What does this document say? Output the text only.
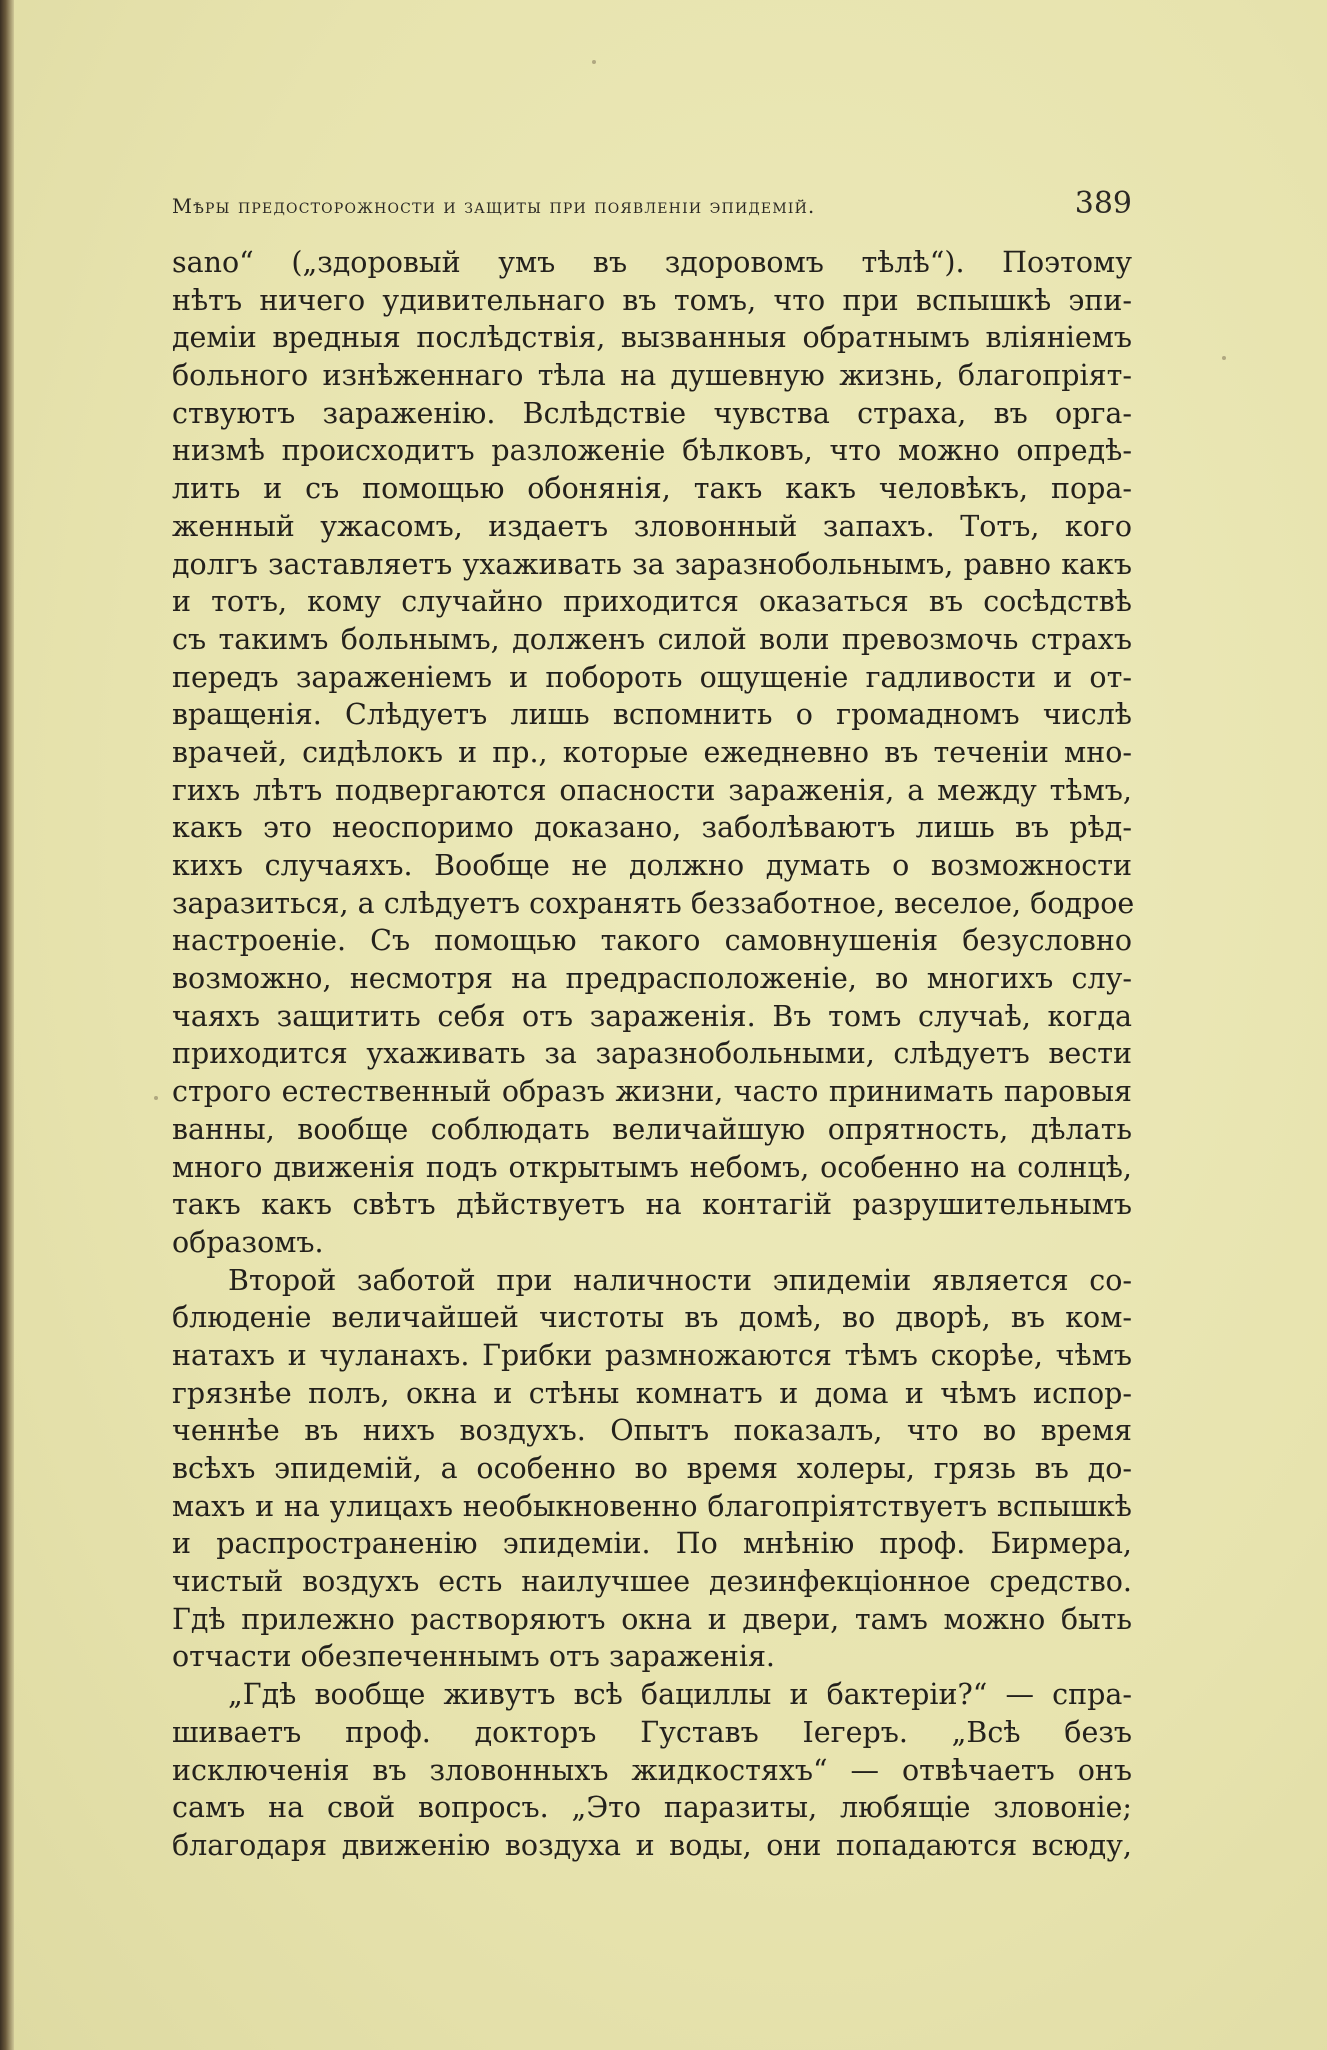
Мѣры предосторожности и защиты при появленіи эпидемій.	389
sano“ („здоровый умъ въ здоровомъ тѣлѣ“). Поэтому
нѣтъ ничего удивительнаго въ томъ, что при вспышкѣ эпи-
деміи вредныя послѣдствія, вызванныя обратнымъ вліяніемъ
больного изнѣженнаго тѣла на душевную жизнь, благопріят-
ствуютъ зараженію. Вслѣдствіе чувства страха, въ орга-
низмѣ происходитъ разложеніе бѣлковъ, что можно опредѣ-
лить и съ помощью обонянія, такъ какъ человѣкъ, пора-
женный ужасомъ, издаетъ зловонный запахъ. Тотъ, кого
долгъ заставляетъ ухаживать за заразнобольнымъ, равно какъ
и тотъ, кому случайно приходится оказаться въ сосѣдствѣ
съ такимъ больнымъ, долженъ силой воли превозмочь страхъ
передъ зараженіемъ и побороть ощущеніе гадливости и от-
вращенія. Слѣдуетъ лишь вспомнить о громадномъ числѣ
врачей, сидѣлокъ и пр., которые ежедневно въ теченіи мно-
гихъ лѣтъ подвергаются опасности зараженія, а между тѣмъ,
какъ это неоспоримо доказано, заболѣваютъ лишь въ рѣд-
кихъ случаяхъ. Вообще не должно думать о возможности
заразиться, а слѣдуетъ сохранять беззаботное, веселое, бодрое
настроеніе. Съ помощью такого самовнушенія безусловно
возможно, несмотря на предрасположеніе, во многихъ слу-
чаяхъ защитить себя отъ зараженія. Въ томъ случаѣ, когда
приходится ухаживать за заразнобольными, слѣдуетъ вести
строго естественный образъ жизни, часто принимать паровыя
ванны, вообще соблюдать величайшую опрятность, дѣлать
много движенія подъ открытымъ небомъ, особенно на солнцѣ,
такъ какъ свѣтъ дѣйствуетъ на контагій разрушительнымъ
образомъ.
Второй заботой при наличности эпидеміи является со-
блюденіе величайшей чистоты въ домѣ, во дворѣ, въ ком-
натахъ и чуланахъ. Грибки размножаются тѣмъ скорѣе, чѣмъ
грязнѣе полъ, окна и стѣны комнатъ и дома и чѣмъ испор-
ченнѣе въ нихъ воздухъ. Опытъ показалъ, что во время
всѣхъ эпидемій, а особенно во время холеры, грязь въ до-
махъ и на улицахъ необыкновенно благопріятствуетъ вспышкѣ
и распространенію эпидеміи. По мнѣнію проф. Бирмера,
чистый воздухъ есть наилучшее дезинфекціонное средство.
Гдѣ прилежно растворяютъ окна и двери, тамъ можно быть
отчасти обезпеченнымъ отъ зараженія.
„Гдѣ вообще живутъ всѣ бациллы и бактеріи?“ — спра-
шиваетъ проф. докторъ Густавъ Іегеръ. „Всѣ безъ
исключенія въ зловонныхъ жидкостяхъ“ — отвѣчаетъ онъ
самъ на свой вопросъ. „Это паразиты, любящіе зловоніе;
благодаря движенію воздуха и воды, они попадаются всюду,
